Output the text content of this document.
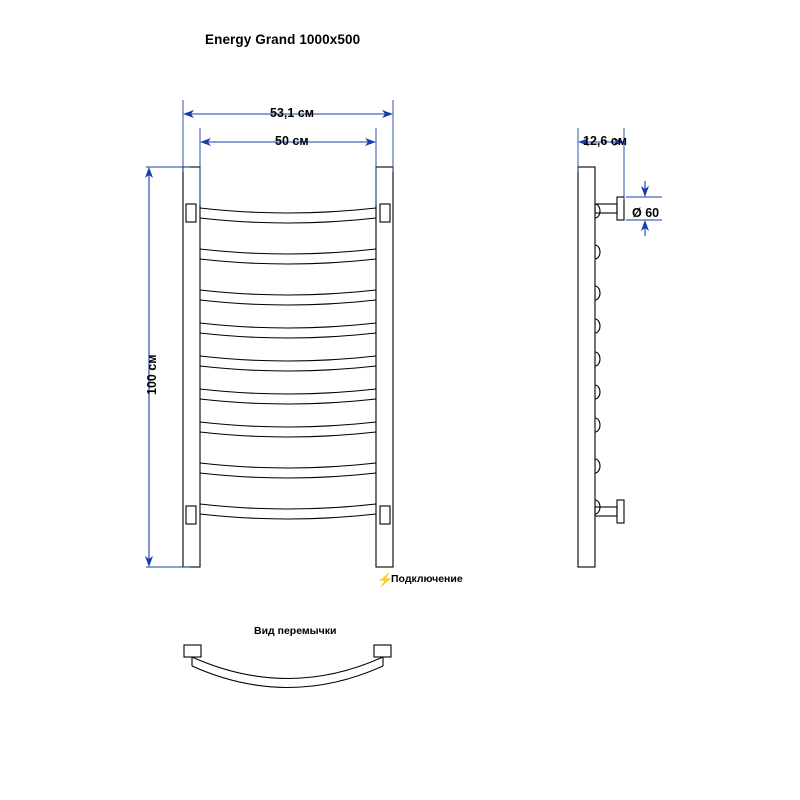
Energy Grand 1000x500
53,1 см
50 см
100 см
12,6 см
Ø 60
⚡
Подключение
Вид перемычки
